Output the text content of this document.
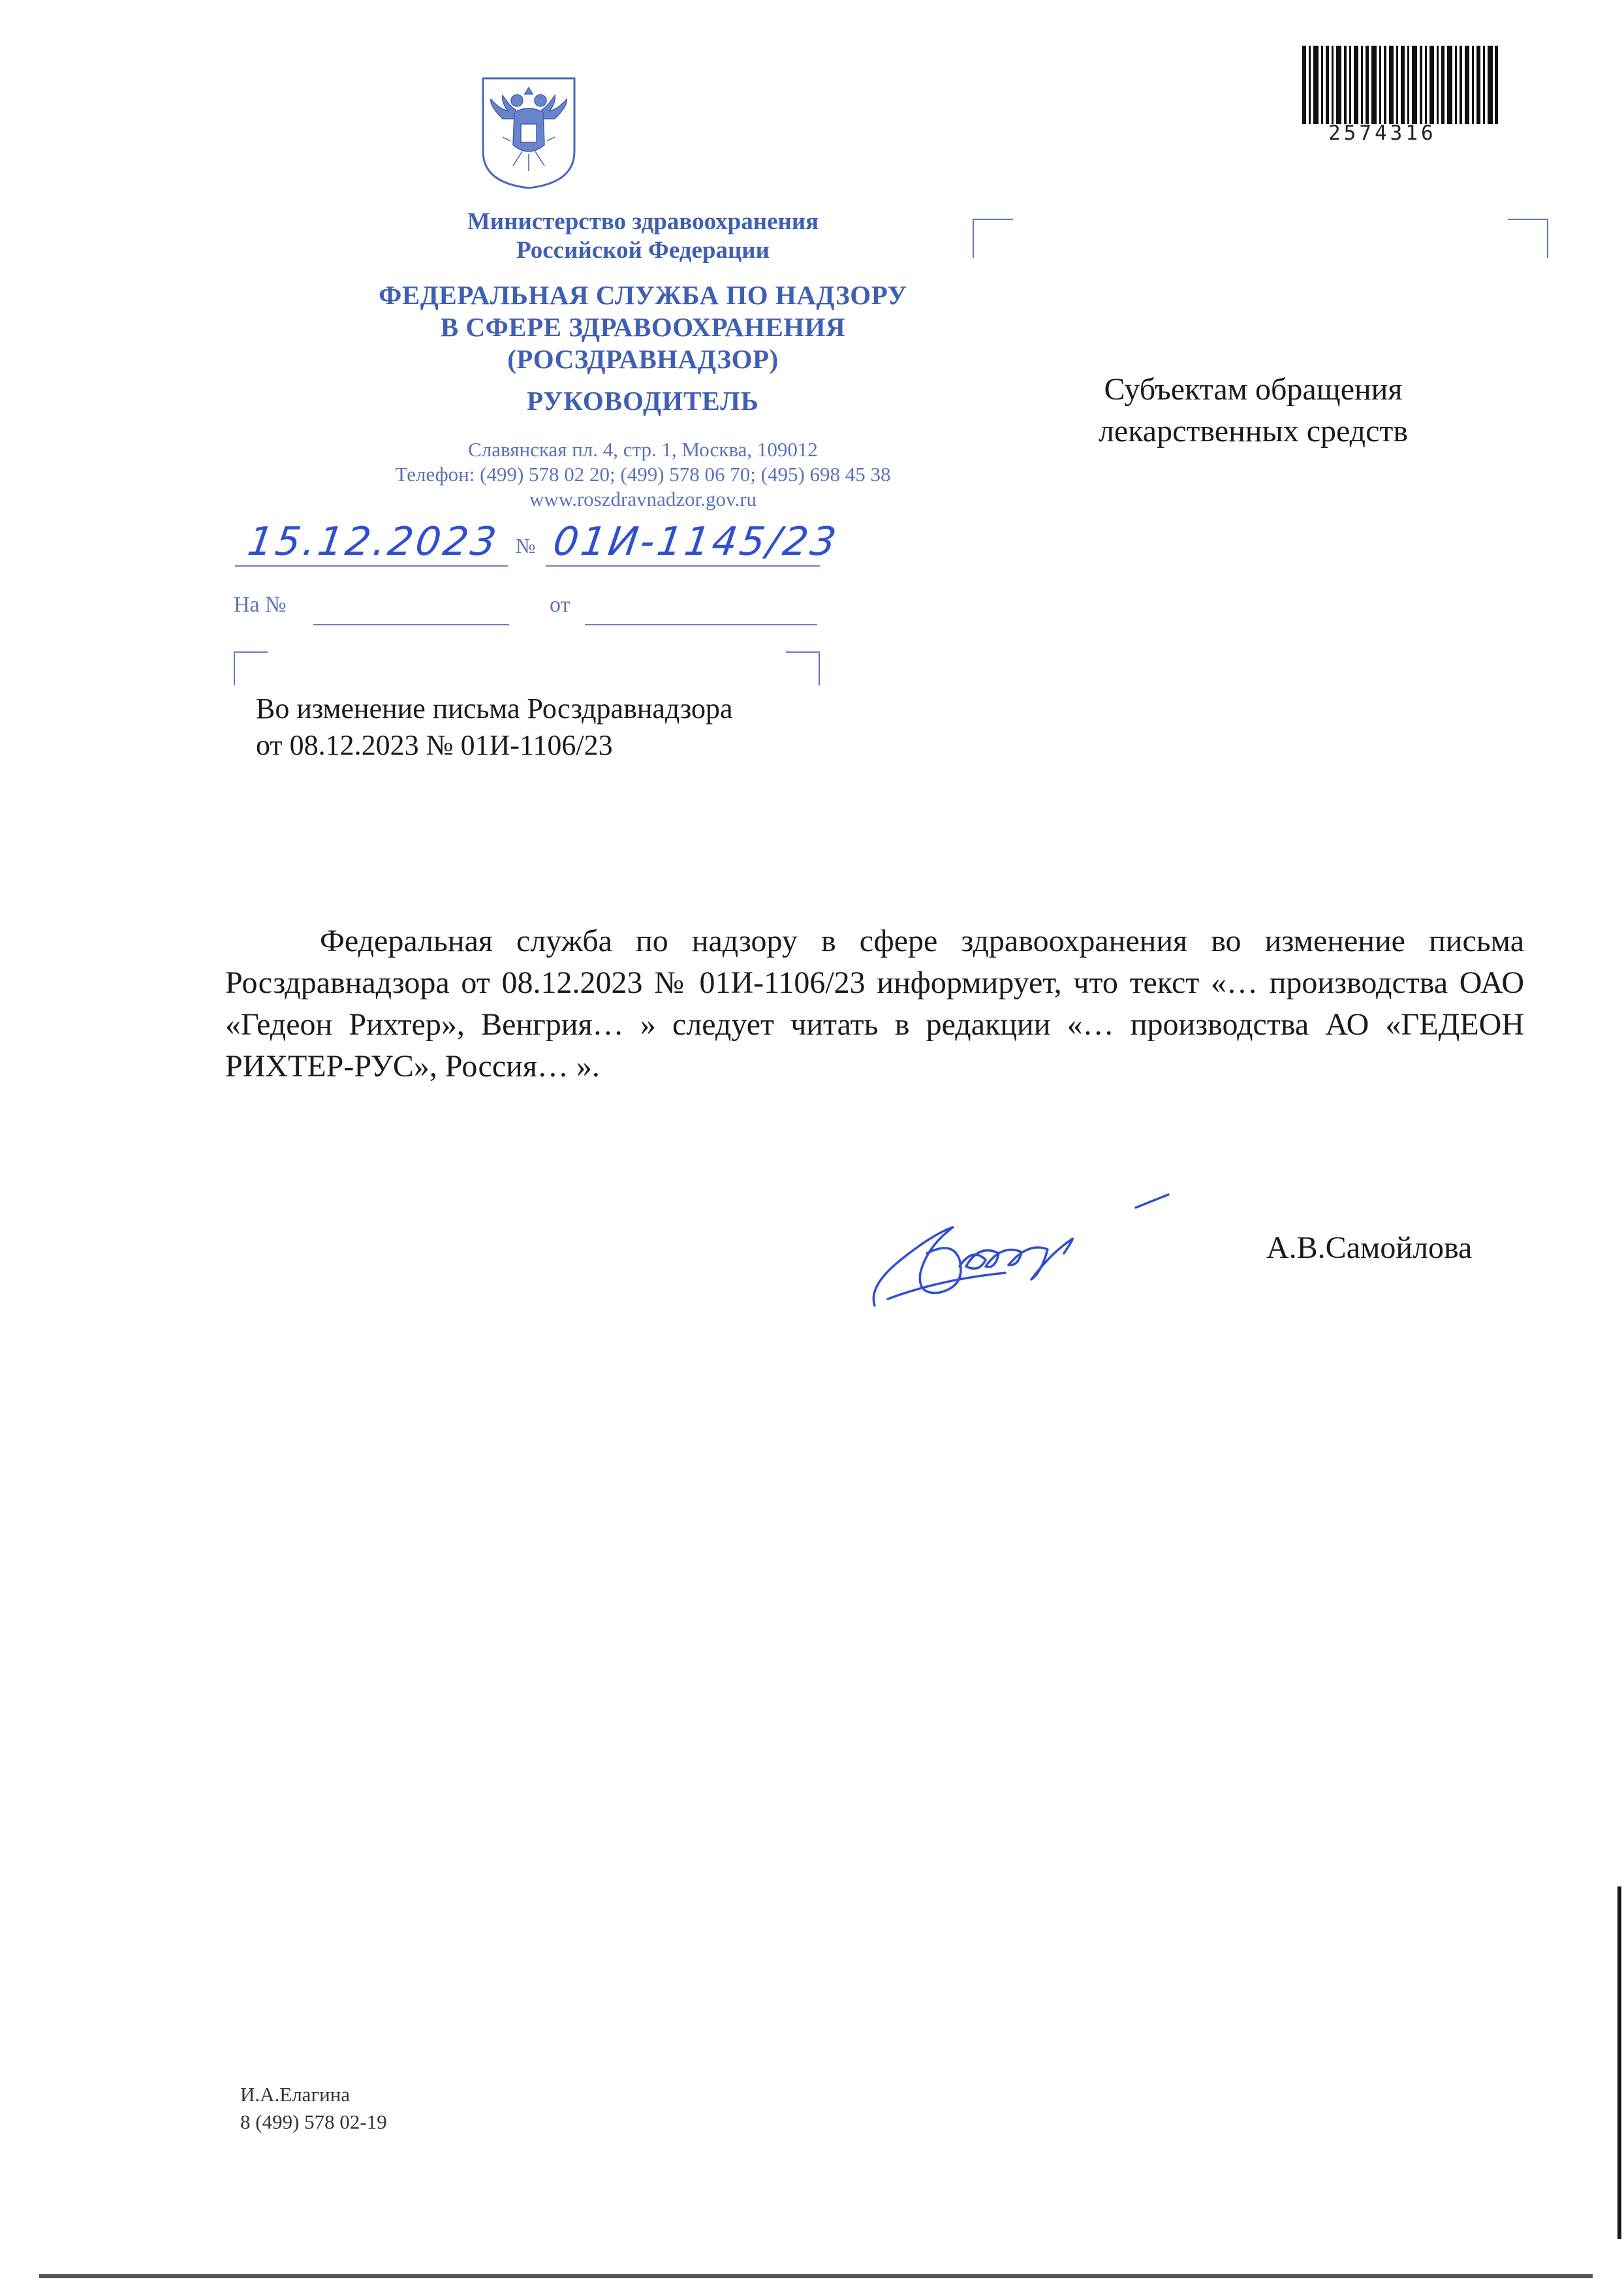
Министерство здравоохранения
Российской Федерации
ФЕДЕРАЛЬНАЯ СЛУЖБА ПО НАДЗОРУ
В СФЕРЕ ЗДРАВООХРАНЕНИЯ
(РОСЗДРАВНАДЗОР)
РУКОВОДИТЕЛЬ
Славянская пл. 4, стр. 1, Москва, 109012
Телефон: (499) 578 02 20; (499) 578 06 70; (495) 698 45 38
www.roszdravnadzor.gov.ru
15.12.2023 № 01И-1145/23
На №	от
2574316
Субъектам обращения
лекарственных средств
Во изменение письма Росздравнадзора
от 08.12.2023 № 01И-1106/23
Федеральная служба по надзору в сфере здравоохранения во изменение письма Росздравнадзора от 08.12.2023 № 01И-1106/23 информирует, что текст «… производства ОАО «Гедеон Рихтер», Венгрия… » следует читать в редакции «… производства АО «ГЕДЕОН РИХТЕР-РУС», Россия… ».
А.В.Самойлова
И.А.Елагина
8 (499) 578 02-19
